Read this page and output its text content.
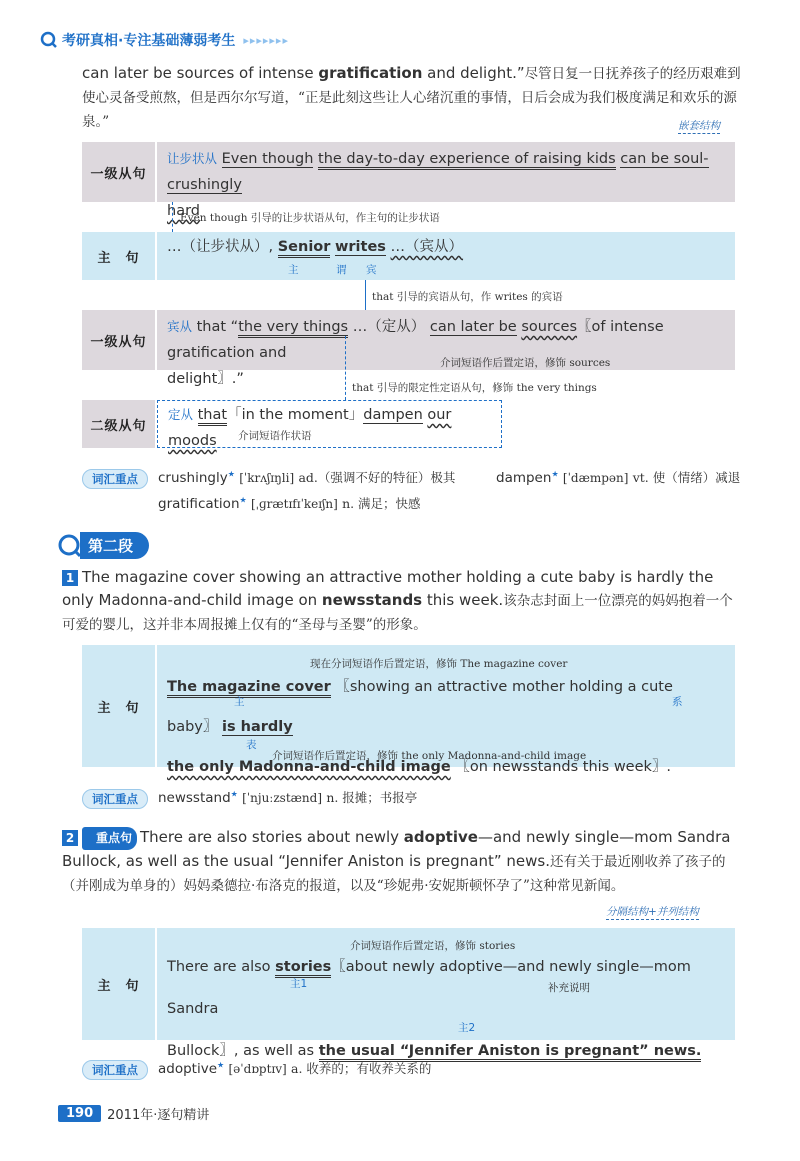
考研真相·专注基础薄弱考生 ▸▸▸▸▸▸▸
can later be sources of intense gratification and delight.”尽管日复一日抚养孩子的经历艰难到使心灵备受煎熬，但是西尔尔写道，“正是此刻这些让人心绪沉重的事情，日后会成为我们极度满足和欢乐的源泉。”	嵌套结构
一级从句
让步状从 Even though the day-to-day experience of raising kids can be soul-crushingly
hard
Even though 引导的让步状语从句，作主句的让步状语
主　句
…（让步状从）, Senior writes …（宾从）
主	谓 宾
that 引导的宾语从句，作 writes 的宾语
一级从句
宾从 that “the very things …（定从） can later be sources〖of intense gratification and
delight〗.”
介词短语作后置定语，修饰 sources
that 引导的限定性定语从句，修饰 the very things
二级从句
定从 that「in the moment」dampen our moods	介词短语作状语
词汇重点	crushingly★ [ˈkrʌʃɪŋli] ad.（强调不好的特征）极其	dampen★ [ˈdæmpən] vt. 使（情绪）减退
gratification★ [ˌɡrætɪfɪˈkeɪʃn] n. 满足；快感
第二段
1 The magazine cover showing an attractive mother holding a cute baby is hardly the only Madonna-and-child image on newsstands this week.该杂志封面上一位漂亮的妈妈抱着一个可爱的婴儿，这并非本周报摊上仅有的“圣母与圣婴”的形象。
主　句
The magazine cover 〖showing an attractive mother holding a cute baby〗 is hardly
the only Madonna-and-child image 〖on newsstands this week〗.
现在分词短语作后置定语，修饰 The magazine cover
主	系
表
介词短语作后置定语，修饰 the only Madonna-and-child image
词汇重点	newsstand★ [ˈnjuːzstænd] n. 报摊；书报亭
2 重点句 There are also stories about newly adoptive—and newly single—mom Sandra Bullock, as well as the usual “Jennifer Aniston is pregnant” news.还有关于最近刚收养了孩子的（并刚成为单身的）妈妈桑德拉·布洛克的报道，以及“珍妮弗·安妮斯顿怀孕了”这种常见新闻。
分隔结构+并列结构
主　句
There are also stories〖about newly adoptive—and newly single—mom Sandra
Bullock〗, as well as the usual “Jennifer Aniston is pregnant” news.
介词短语作后置定语，修饰 stories
主1	补充说明
主2
词汇重点	adoptive★ [əˈdɒptɪv] a. 收养的；有收养关系的
190	2011年·逐句精讲
